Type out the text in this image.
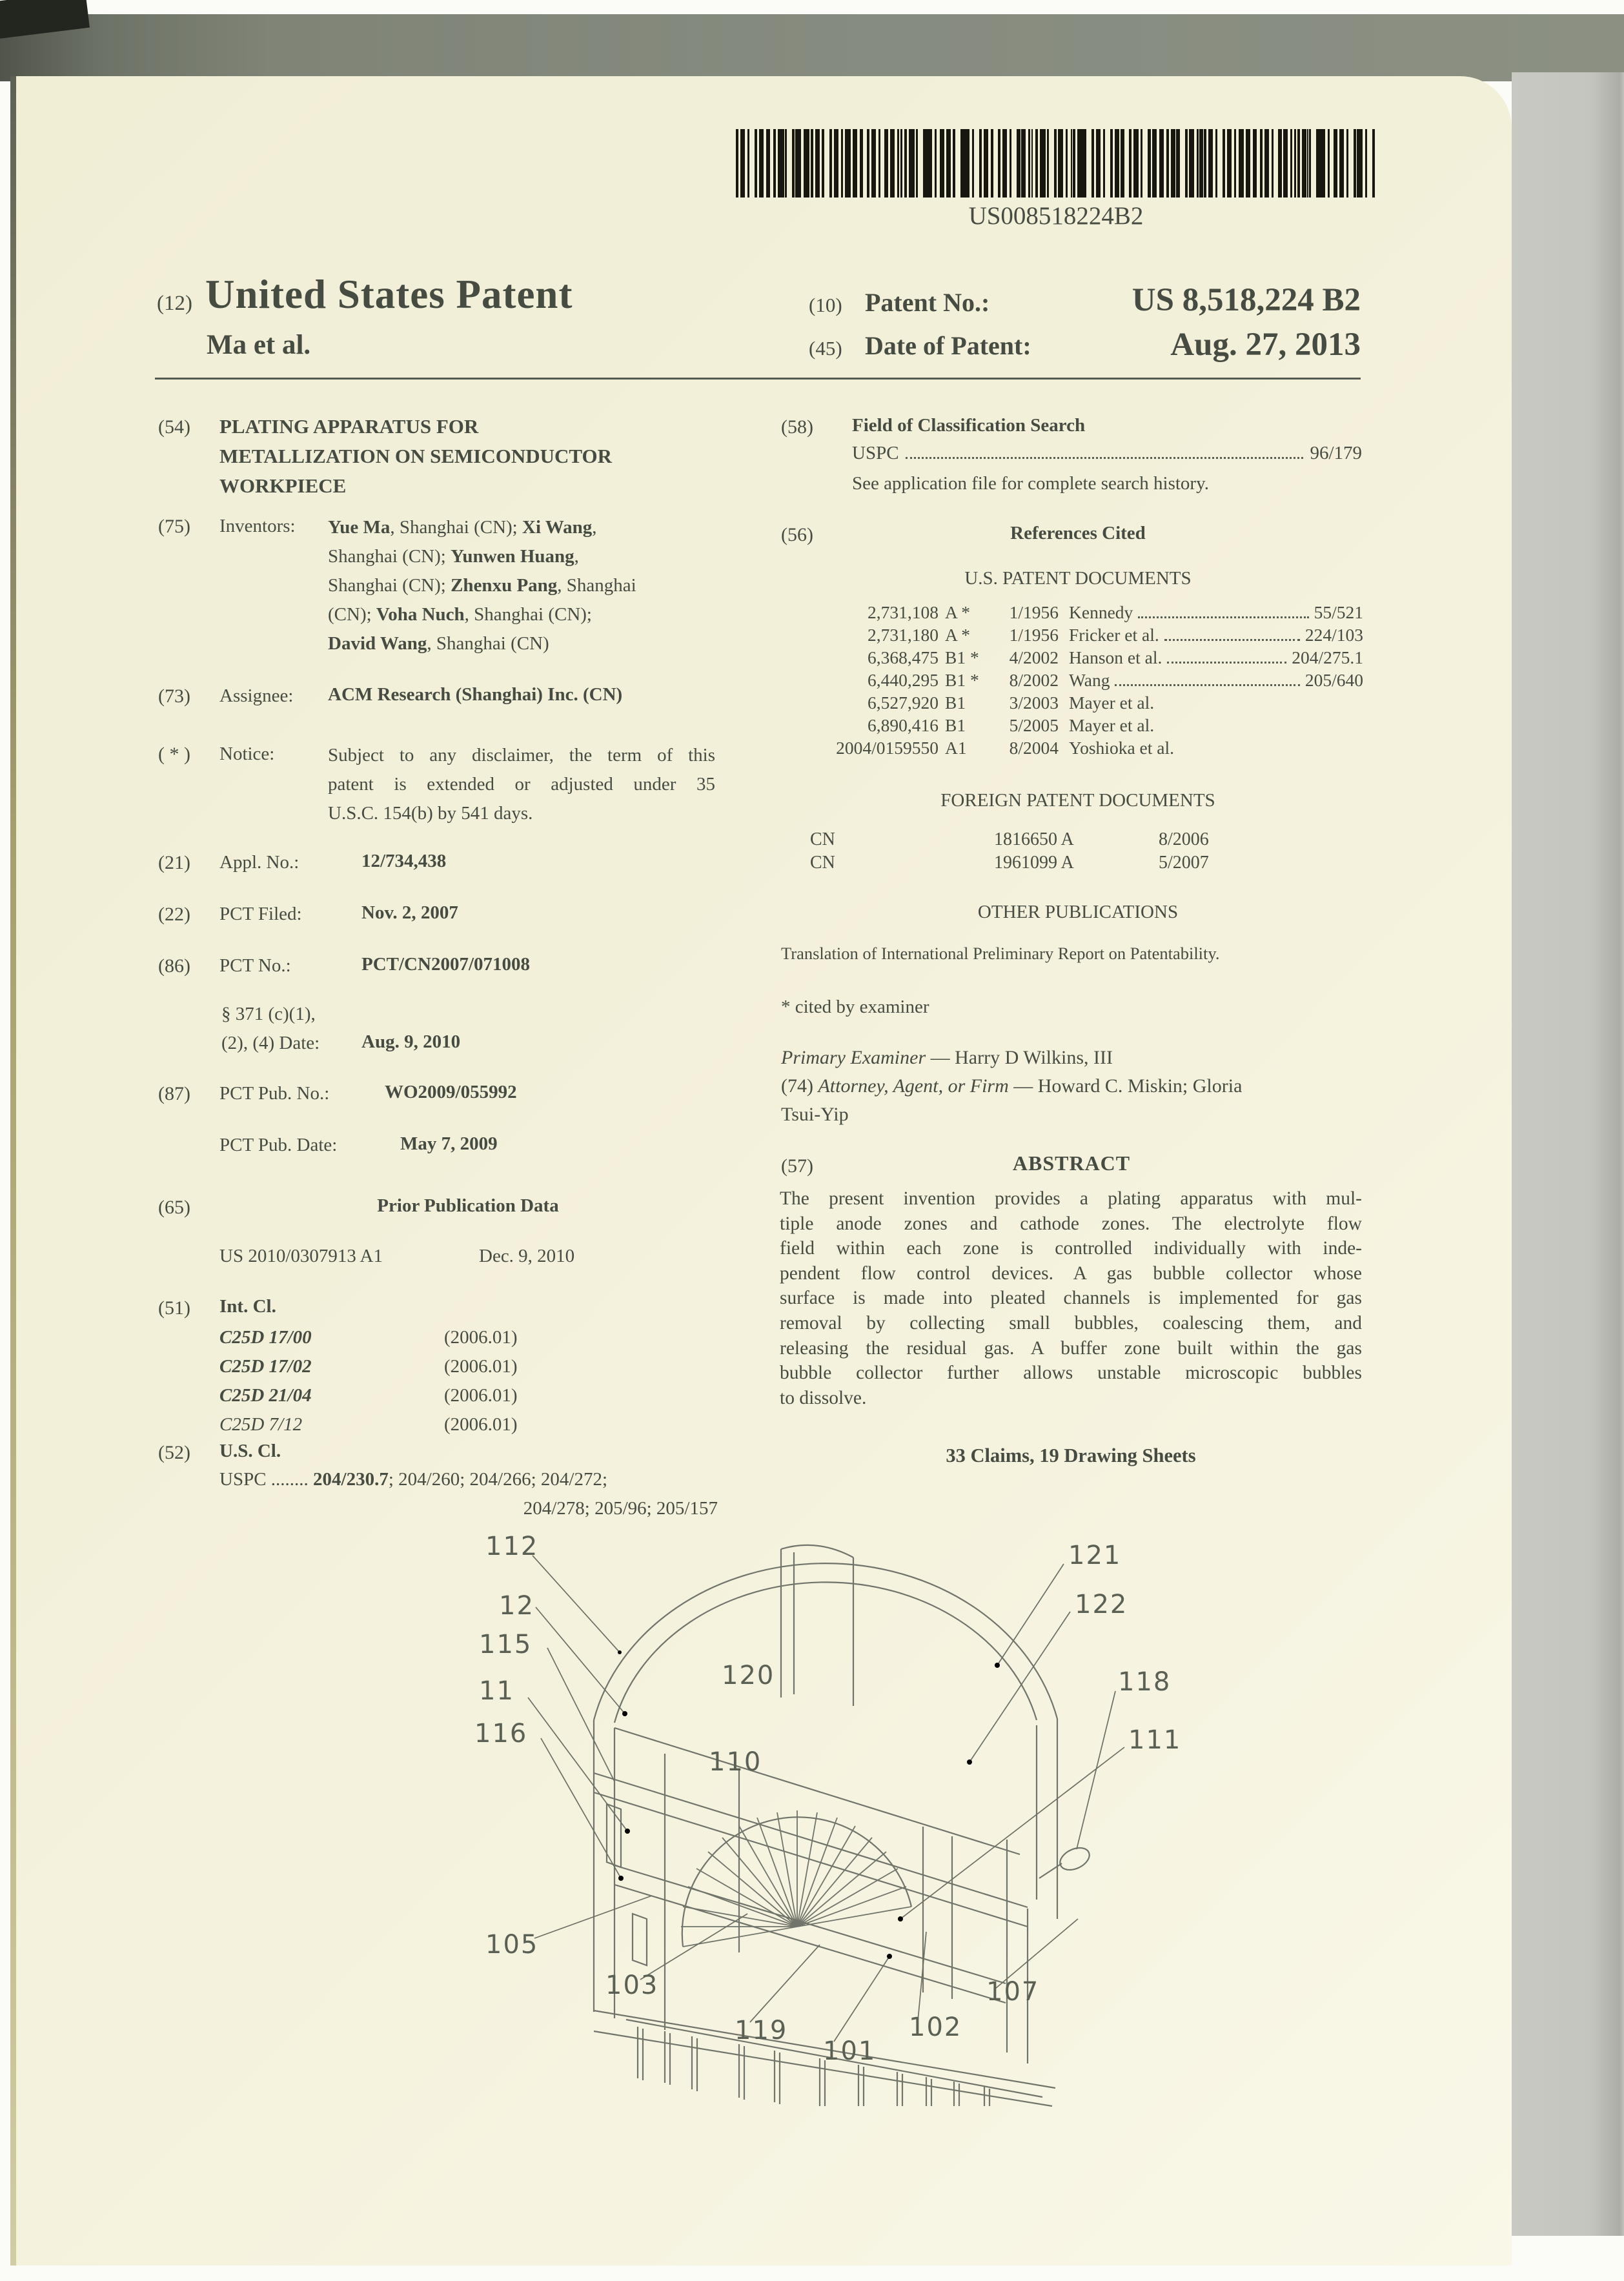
US008518224B2
(12) United States Patent
Ma et al.
(10) Patent No.:	US 8,518,224 B2
(45) Date of Patent:	Aug. 27, 2013
(54) PLATING APPARATUS FOR
METALLIZATION ON SEMICONDUCTOR
WORKPIECE
(75) Inventors: Yue Ma, Shanghai (CN); Xi Wang,
Shanghai (CN); Yunwen Huang,
Shanghai (CN); Zhenxu Pang, Shanghai
(CN); Voha Nuch, Shanghai (CN);
David Wang, Shanghai (CN)
(73) Assignee: ACM Research (Shanghai) Inc. (CN)
( * ) Notice:	Subject to any disclaimer, the term of this
patent is extended or adjusted under 35
U.S.C. 154(b) by 541 days.
(21) Appl. No.:	12/734,438
(22) PCT Filed:	Nov. 2, 2007
(86) PCT No.:	PCT/CN2007/071008
§ 371 (c)(1),
(2), (4) Date: Aug. 9, 2010
(87) PCT Pub. No.:	WO2009/055992
PCT Pub. Date:	May 7, 2009
(65)	Prior Publication Data
US 2010/0307913 A1	Dec. 9, 2010
(51) Int. Cl.
C25D 17/00	(2006.01)
C25D 17/02	(2006.01)
C25D 21/04	(2006.01)
C25D 7/12	(2006.01)
(52) U.S. Cl.
USPC ........ 204/230.7; 204/260; 204/266; 204/272;
204/278; 205/96; 205/157
(58) Field of Classification Search
USPC	96/179
See application file for complete search history.
(56)	References Cited
U.S. PATENT DOCUMENTS
2,731,108 A *	1/1956 Kennedy	55/521
2,731,180 A *	1/1956 Fricker et al.	224/103
6,368,475 B1 *	4/2002 Hanson et al.	204/275.1
6,440,295 B1 *	8/2002 Wang	205/640
6,527,920 B1	3/2003 Mayer et al.
6,890,416 B1	5/2005 Mayer et al.
2004/0159550 A1	8/2004 Yoshioka et al.
FOREIGN PATENT DOCUMENTS
CN	1816650 A	8/2006
CN	1961099 A	5/2007
OTHER PUBLICATIONS
Translation of International Preliminary Report on Patentability.
* cited by examiner
Primary Examiner — Harry D Wilkins, III
(74) Attorney, Agent, or Firm — Howard C. Miskin; Gloria
Tsui-Yip
(57)	ABSTRACT
The present invention provides a plating apparatus with mul-
tiple anode zones and cathode zones. The electrolyte flow
field within each zone is controlled individually with inde-
pendent flow control devices. A gas bubble collector whose
surface is made into pleated channels is implemented for gas
removal by collecting small bubbles, coalescing them, and
releasing the residual gas. A buffer zone built within the gas
bubble collector further allows unstable microscopic bubbles
to dissolve.
33 Claims, 19 Drawing Sheets
112
12
115
11
116
120
110
121
122
118
111
105
103
119
101
102
107
